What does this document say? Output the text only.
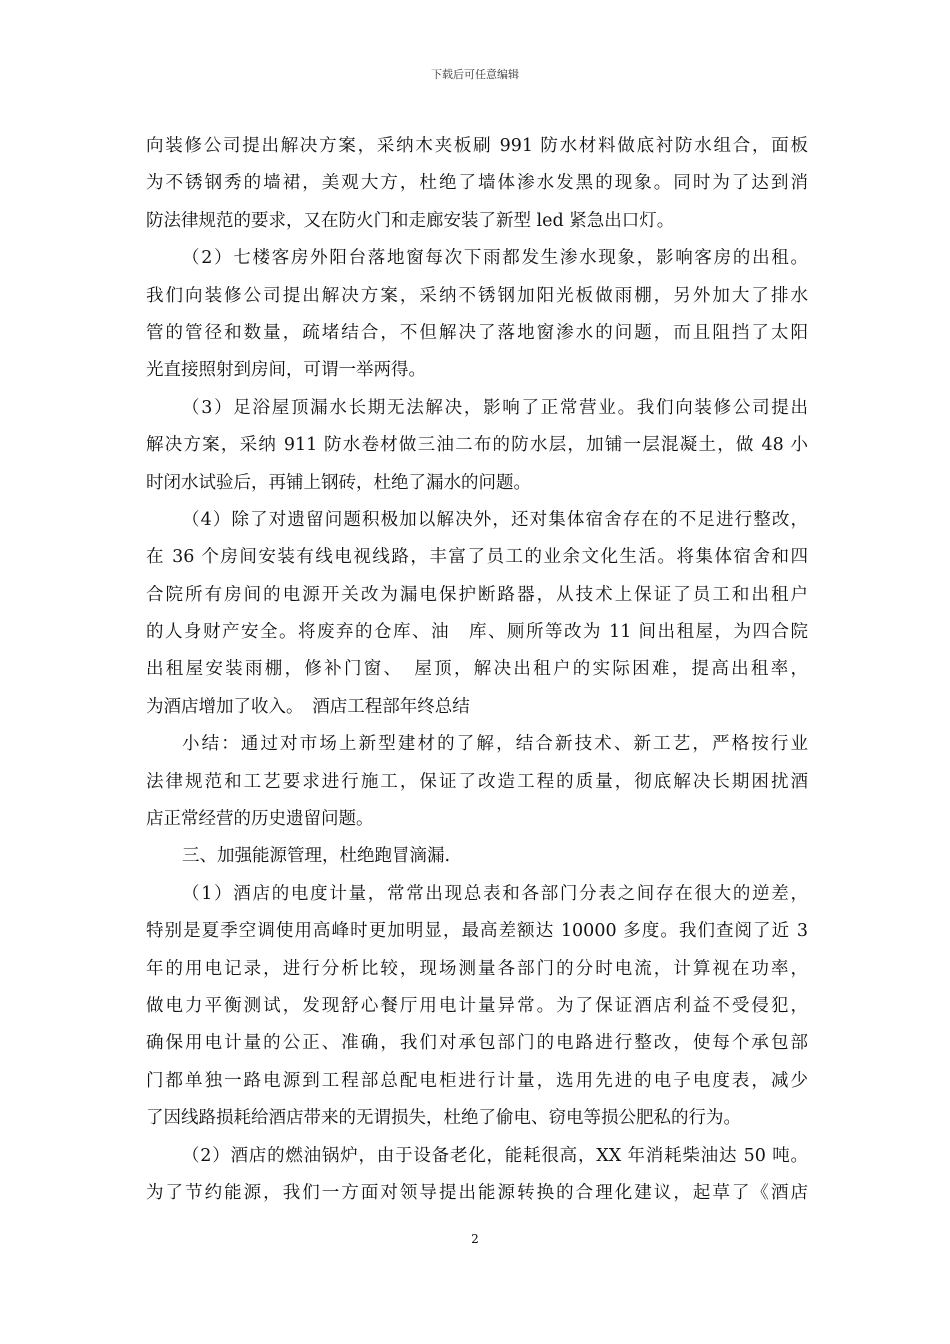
下载后可任意编辑
向装修公司提出解决方案，采纳木夹板刷 991 防水材料做底衬防水组合，面板
为不锈钢秀的墙裙，美观大方，杜绝了墙体渗水发黑的现象。同时为了达到消
防法律规范的要求，又在防火门和走廊安装了新型 led 紧急出口灯。
（2）七楼客房外阳台落地窗每次下雨都发生渗水现象，影响客房的出租。
我们向装修公司提出解决方案，采纳不锈钢加阳光板做雨棚，另外加大了排水
管的管径和数量，疏堵结合，不但解决了落地窗渗水的问题，而且阻挡了太阳
光直接照射到房间，可谓一举两得。
（3）足浴屋顶漏水长期无法解决，影响了正常营业。我们向装修公司提出
解决方案，采纳 911 防水卷材做三油二布的防水层，加铺一层混凝土，做 48 小
时闭水试验后，再铺上钢砖，杜绝了漏水的问题。
（4）除了对遗留问题积极加以解决外，还对集体宿舍存在的不足进行整改，
在 36 个房间安装有线电视线路，丰富了员工的业余文化生活。将集体宿舍和四
合院所有房间的电源开关改为漏电保护断路器，从技术上保证了员工和出租户
的人身财产安全。将废弃的仓库、油　库、厕所等改为 11 间出租屋，为四合院
出租屋安装雨棚，修补门窗、　屋顶，解决出租户的实际困难，提高出租率，
为酒店增加了收入。　酒店工程部年终总结
小结：通过对市场上新型建材的了解，结合新技术、新工艺，严格按行业
法律规范和工艺要求进行施工，保证了改造工程的质量，彻底解决长期困扰酒
店正常经营的历史遗留问题。
三、加强能源管理，杜绝跑冒滴漏.
（1）酒店的电度计量，常常出现总表和各部门分表之间存在很大的逆差，
特别是夏季空调使用高峰时更加明显，最高差额达 10000 多度。我们查阅了近 3
年的用电记录，进行分析比较，现场测量各部门的分时电流，计算视在功率，
做电力平衡测试，发现舒心餐厅用电计量异常。为了保证酒店利益不受侵犯，
确保用电计量的公正、准确，我们对承包部门的电路进行整改，使每个承包部
门都单独一路电源到工程部总配电柜进行计量，选用先进的电子电度表，减少
了因线路损耗给酒店带来的无谓损失，杜绝了偷电、窃电等损公肥私的行为。
（2）酒店的燃油锅炉，由于设备老化，能耗很高，XX 年消耗柴油达 50 吨。
为了节约能源，我们一方面对领导提出能源转换的合理化建议，起草了《酒店
2
